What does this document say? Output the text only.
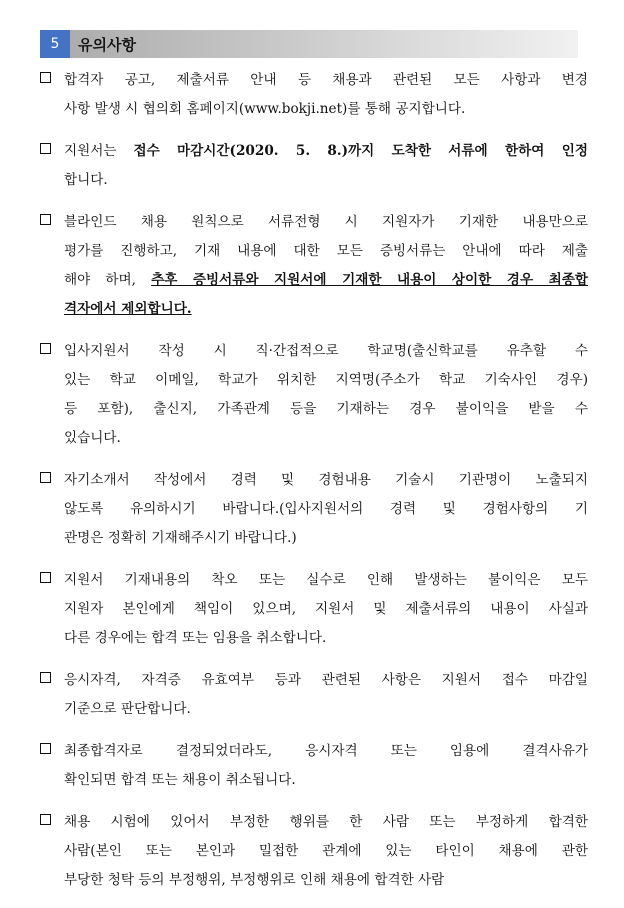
5	유의사항
합격자 공고, 제출서류 안내 등 채용과 관련된 모든 사항과 변경
사항 발생 시 협의회 홈페이지(www.bokji.net)를 통해 공지합니다.
지원서는 접수 마감시간(2020. 5. 8.)까지 도착한 서류에 한하여 인정
합니다.
블라인드 채용 원칙으로 서류전형 시 지원자가 기재한 내용만으로
평가를 진행하고, 기재 내용에 대한 모든 증빙서류는 안내에 따라 제출
해야 하며, 추후 증빙서류와 지원서에 기재한 내용이 상이한 경우 최종합
격자에서 제외합니다.
입사지원서 작성 시 직·간접적으로 학교명(출신학교를 유추할 수
있는 학교 이메일, 학교가 위치한 지역명(주소가 학교 기숙사인 경우)
등 포함), 출신지, 가족관계 등을 기재하는 경우 불이익을 받을 수
있습니다.
자기소개서 작성에서 경력 및 경험내용 기술시 기관명이 노출되지
않도록 유의하시기 바랍니다.(입사지원서의 경력 및 경험사항의 기
관명은 정확히 기재해주시기 바랍니다.)
지원서 기재내용의 착오 또는 실수로 인해 발생하는 불이익은 모두
지원자 본인에게 책임이 있으며, 지원서 및 제출서류의 내용이 사실과
다른 경우에는 합격 또는 임용을 취소합니다.
응시자격, 자격증 유효여부 등과 관련된 사항은 지원서 접수 마감일
기준으로 판단합니다.
최종합격자로 결정되었더라도, 응시자격 또는 임용에 결격사유가
확인되면 합격 또는 채용이 취소됩니다.
채용 시험에 있어서 부정한 행위를 한 사람 또는 부정하게 합격한
사람(본인 또는 본인과 밀접한 관계에 있는 타인이 채용에 관한
부당한 청탁 등의 부정행위, 부정행위로 인해 채용에 합격한 사람
